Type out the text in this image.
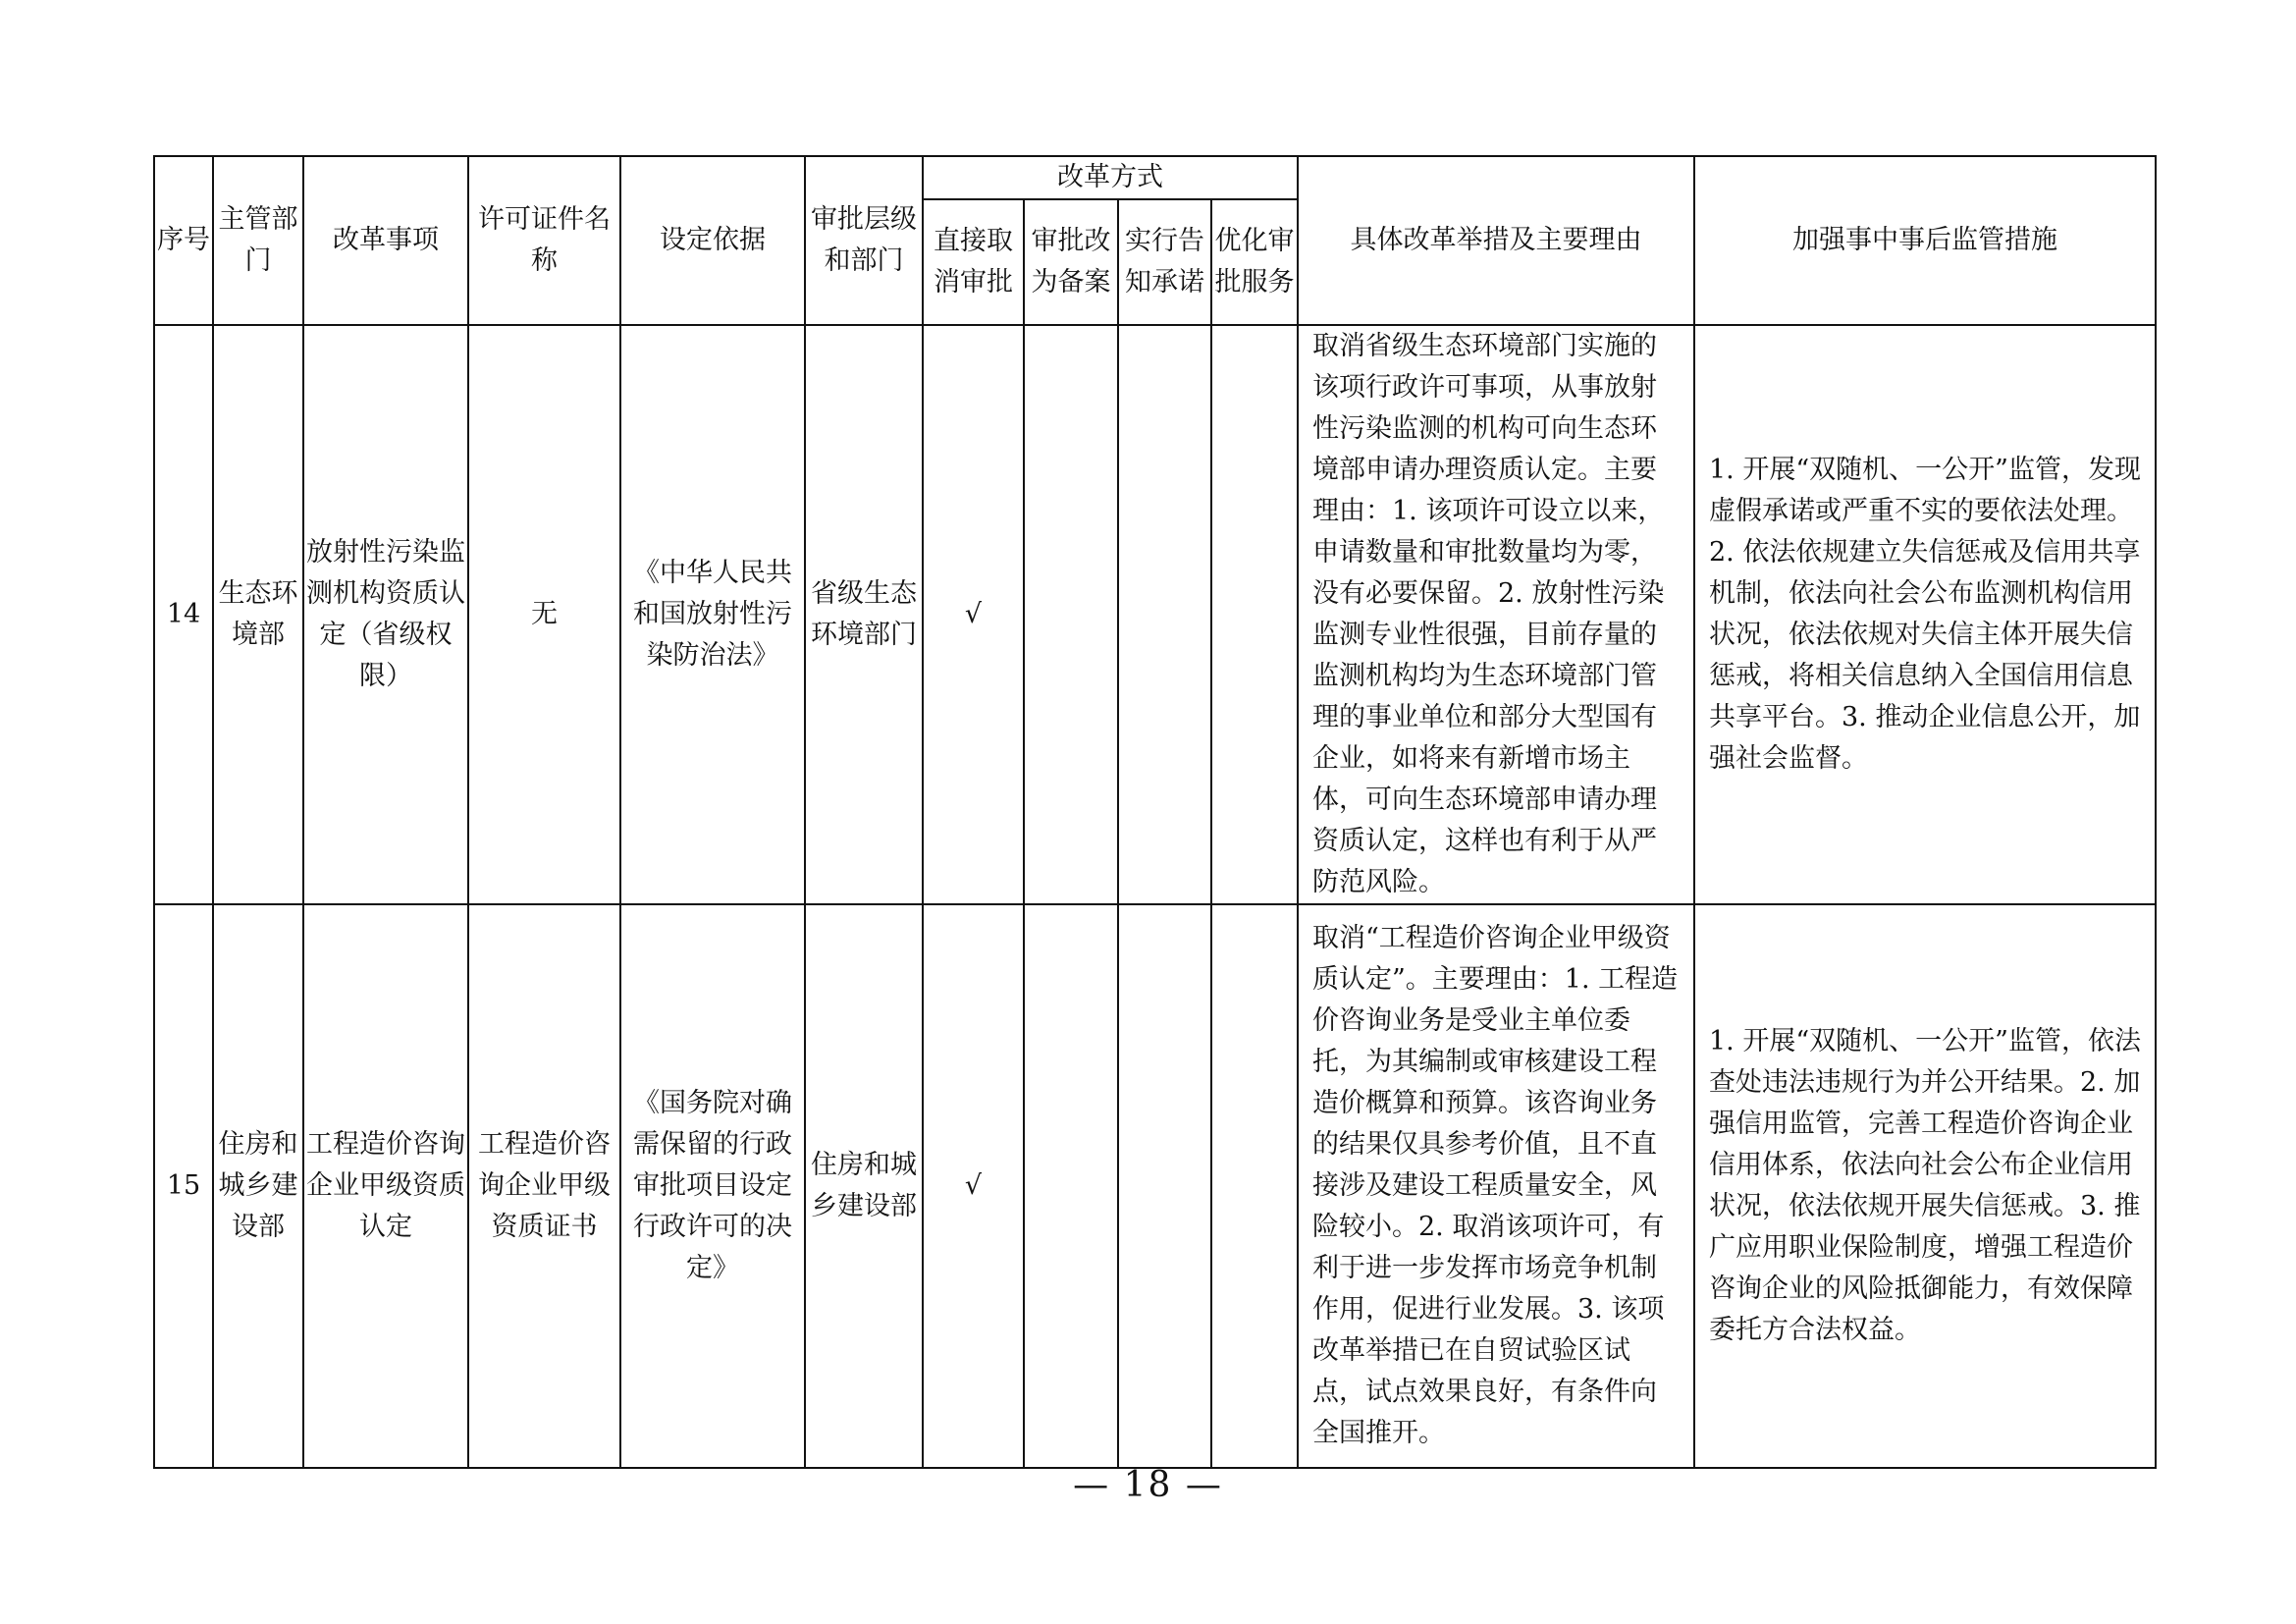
序号	主管部门	改革事项	许可证件名称	设定依据	审批层级和部门	改革方式				具体改革举措及主要理由	加强事中事后监管措施
						直接取消审批	审批改为备案	实行告知承诺	优化审批服务		
14	生态环境部	放射性污染监测机构资质认定（省级权限）	无	《中华人民共和国放射性污染防治法》	省级生态环境部门	√				取消省级生态环境部门实施的该项行政许可事项，从事放射性污染监测的机构可向生态环境部申请办理资质认定。主要理由：1. 该项许可设立以来，申请数量和审批数量均为零，没有必要保留。2. 放射性污染监测专业性很强，目前存量的监测机构均为生态环境部门管理的事业单位和部分大型国有企业，如将来有新增市场主体，可向生态环境部申请办理资质认定，这样也有利于从严防范风险。	1. 开展“双随机、一公开”监管，发现虚假承诺或严重不实的要依法处理。2. 依法依规建立失信惩戒及信用共享机制，依法向社会公布监测机构信用状况，依法依规对失信主体开展失信惩戒，将相关信息纳入全国信用信息共享平台。3. 推动企业信息公开，加强社会监督。
15	住房和城乡建设部	工程造价咨询企业甲级资质认定	工程造价咨询企业甲级资质证书	《国务院对确需保留的行政审批项目设定行政许可的决定》	住房和城乡建设部	√				取消“工程造价咨询企业甲级资质认定”。主要理由：1. 工程造价咨询业务是受业主单位委托，为其编制或审核建设工程造价概算和预算。该咨询业务的结果仅具参考价值，且不直接涉及建设工程质量安全，风险较小。2. 取消该项许可，有利于进一步发挥市场竞争机制作用，促进行业发展。3. 该项改革举措已在自贸试验区试点，试点效果良好，有条件向全国推开。	1. 开展“双随机、一公开”监管，依法查处违法违规行为并公开结果。2. 加强信用监管，完善工程造价咨询企业信用体系，依法向社会公布企业信用状况，依法依规开展失信惩戒。3. 推广应用职业保险制度，增强工程造价咨询企业的风险抵御能力，有效保障委托方合法权益。
— 18 —
